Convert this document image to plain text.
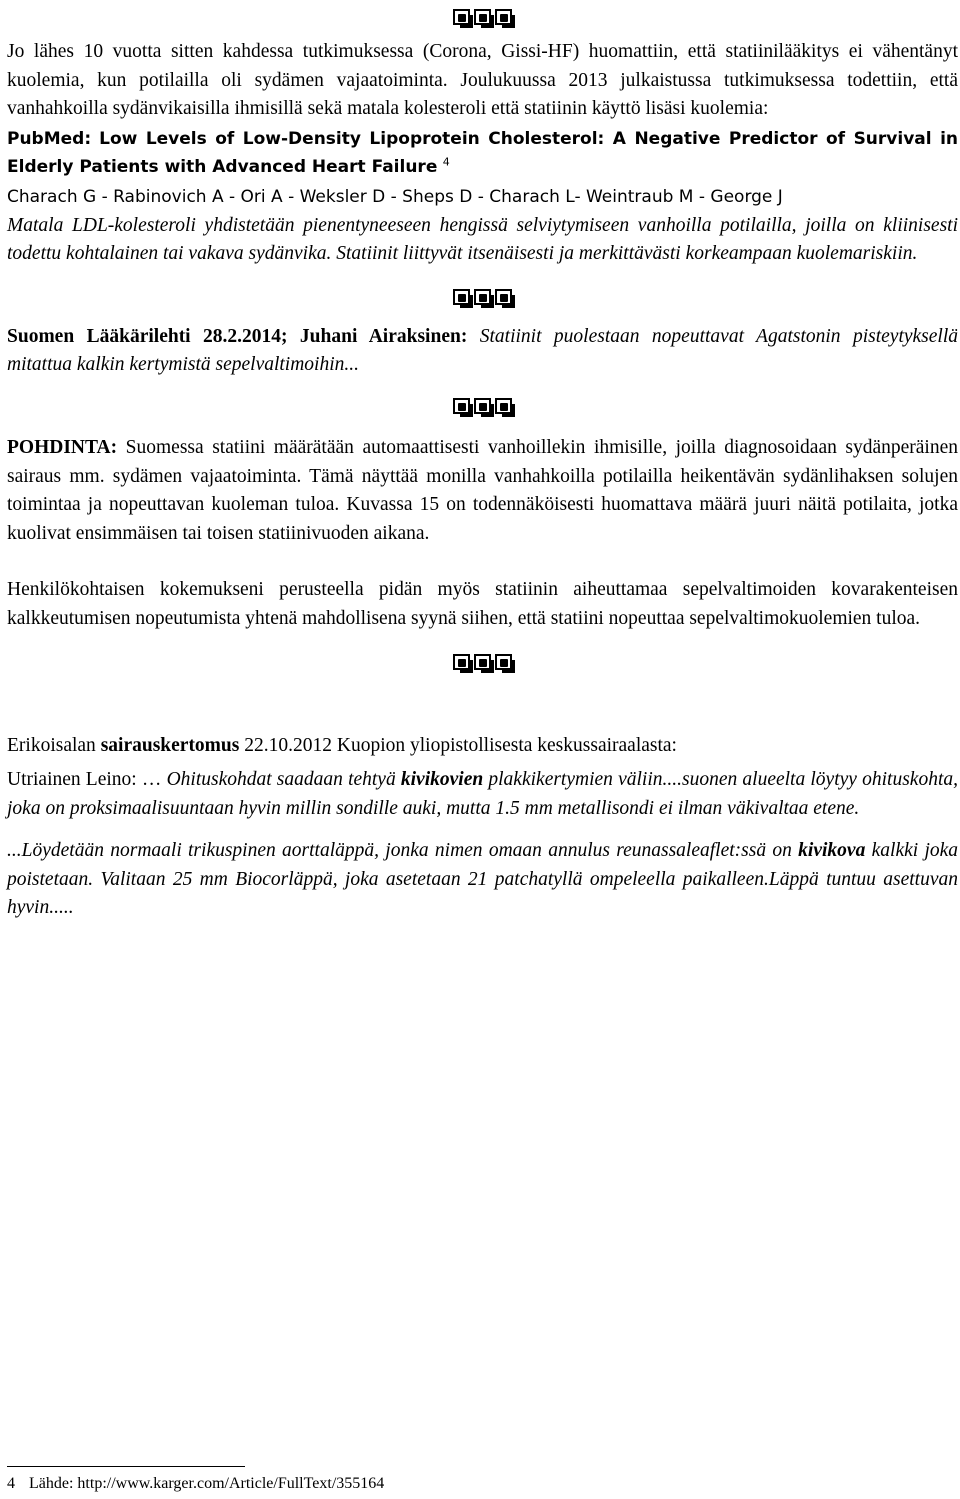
Jo lähes 10 vuotta sitten kahdessa tutkimuksessa (Corona, Gissi-HF) huomattiin, että statiinilääkitys ei vähentänyt kuolemia, kun potilailla oli sydämen vajaatoiminta. Joulukuussa 2013 julkaistussa tutkimuksessa todettiin, että vanhahkoilla sydänvikaisilla ihmisillä sekä matala kolesteroli että statiinin käyttö lisäsi kuolemia:

PubMed: Low Levels of Low-Density Lipoprotein Cholesterol: A Negative Predictor of Survival in Elderly Patients with Advanced Heart Failure $^4$

Charach G - Rabinovich A - Ori A - Weksler D - Sheps D - Charach L- Weintraub M - George J

Matala LDL-kolesteroli yhdistetään pienentyneeseen hengissä selviytymiseen vanhoilla potilailla, joilla on kliinisesti todettu kohtalainen tai vakava sydänvika. Statiinit liittyvät itsenäisesti ja merkittävästi korkeampaan kuolemariskiin.

Suomen Lääkärilehti 28.2.2014; Juhani Airaksinen: Statiinit puolestaan nopeuttavat Agatstonin pisteytyksellä mitattua kalkin kertymistä sepelvaltimoihin...

POHDINTA: Suomessa statiini määrätään automaattisesti vanhoillekin ihmisille, joilla diagnosoidaan sydänperäinen sairaus mm. sydämen vajaatoiminta. Tämä näyttää monilla vanhahkoilla potilailla heikentävän sydänlihaksen solujen toimintaa ja nopeuttavan kuoleman tuloa. Kuvassa 15 on todennäköisesti huomattava määrä juuri näitä potilaita, jotka kuolivat ensimmäisen tai toisen statiinivuoden aikana.

Henkilökohtaisen kokemukseni perusteella pidän myös statiinin aiheuttamaa sepelvaltimoiden kovarakenteisen kalkkeutumisen nopeutumista yhtenä mahdollisena syynä siihen, että statiini nopeuttaa sepelvaltimokuolemien tuloa.

Erikoisalan sairauskertomus 22.10.2012 Kuopion yliopistollisesta keskussairaalasta:

Utriainen Leino: … Ohituskohdat saadaan tehtyä kivikovien plakkikertymien väliin....suonen alueelta löytyy ohituskohta, joka on proksimaalisuuntaan hyvin millin sondille auki, mutta 1.5 mm metallisondi ei ilman väkivaltaa etene.

...Löydetään normaali trikuspinen aorttaläppä, jonka nimen omaan annulus reunassaleaflet:ssä on kivikova kalkki joka poistetaan. Valitaan 25 mm Biocorläppä, joka asetetaan 21 patchatyllä ompeleella paikalleen.Läppä tuntuu asettuvan hyvin.....

4 Lähde: http://www.karger.com/Article/FullText/355164
